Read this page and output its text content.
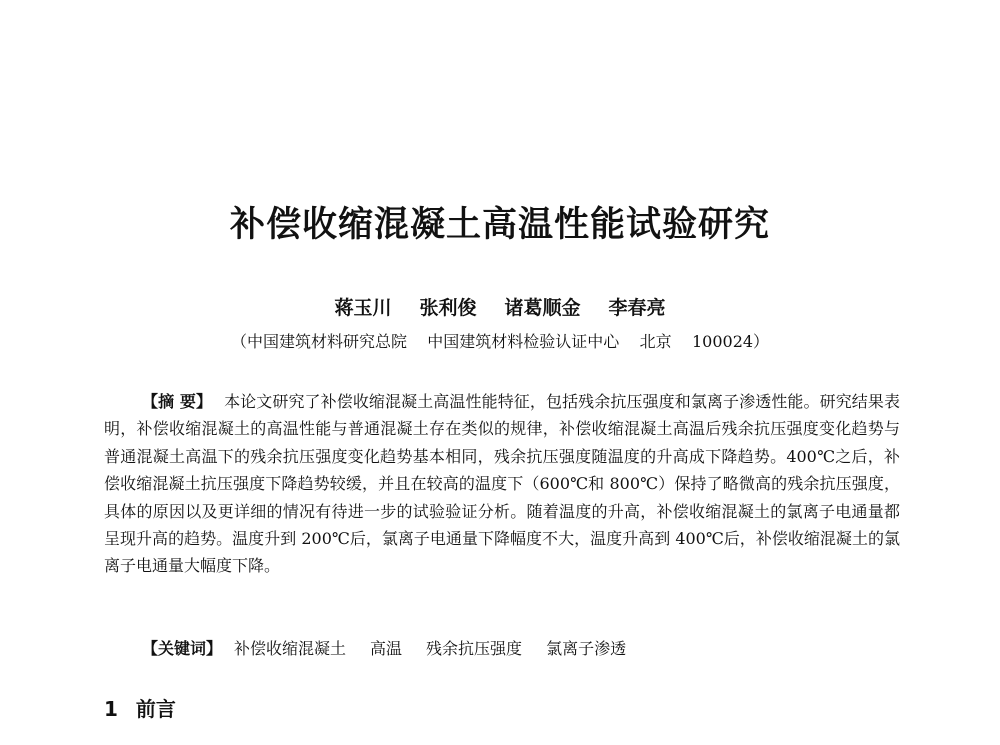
补偿收缩混凝土高温性能试验研究
蒋玉川 张利俊 诸葛顺金 李春亮
（中国建筑材料研究总院    中国建筑材料检验认证中心    北京    100024）

【摘 要】 本论文研究了补偿收缩混凝土高温性能特征，包括残余抗压强度和氯离子渗透性能。研究结果表明，补偿收缩混凝土的高温性能与普通混凝土存在类似的规律，补偿收缩混凝土高温后残余抗压强度变化趋势与普通混凝土高温下的残余抗压强度变化趋势基本相同，残余抗压强度随温度的升高成下降趋势。400℃之后，补偿收缩混凝土抗压强度下降趋势较缓，并且在较高的温度下（600℃和 800℃）保持了略微高的残余抗压强度，具体的原因以及更详细的情况有待进一步的试验验证分析。随着温度的升高，补偿收缩混凝土的氯离子电通量都呈现升高的趋势。温度升到 200℃后，氯离子电通量下降幅度不大，温度升高到 400℃后，补偿收缩混凝土的氯离子电通量大幅度下降。

【关键词】 补偿收缩混凝土 高温 残余抗压强度 氯离子渗透
1 前言
